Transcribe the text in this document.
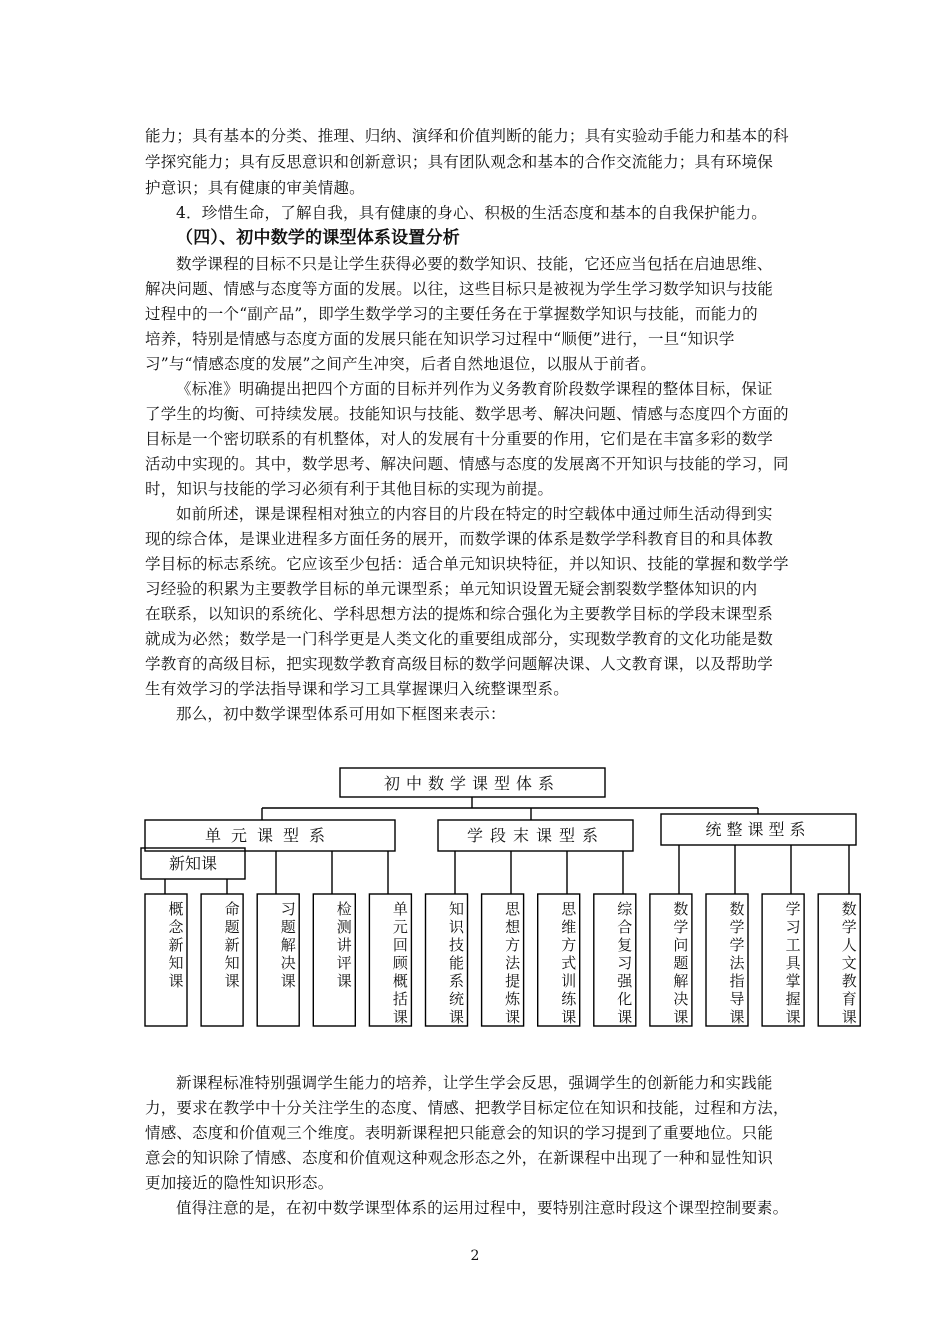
能力；具有基本的分类、推理、归纳、演绎和价值判断的能力；具有实验动手能力和基本的科
学探究能力；具有反思意识和创新意识；具有团队观念和基本的合作交流能力；具有环境保
护意识；具有健康的审美情趣。
4．珍惜生命，了解自我，具有健康的身心、积极的生活态度和基本的自我保护能力。
（四）、初中数学的课型体系设置分析
数学课程的目标不只是让学生获得必要的数学知识、技能，它还应当包括在启迪思维、
解决问题、情感与态度等方面的发展。以往，这些目标只是被视为学生学习数学知识与技能
过程中的一个“副产品”，即学生数学学习的主要任务在于掌握数学知识与技能，而能力的
培养，特别是情感与态度方面的发展只能在知识学习过程中“顺便”进行，一旦“知识学
习”与“情感态度的发展”之间产生冲突，后者自然地退位，以服从于前者。
《标准》明确提出把四个方面的目标并列作为义务教育阶段数学课程的整体目标，保证
了学生的均衡、可持续发展。技能知识与技能、数学思考、解决问题、情感与态度四个方面的
目标是一个密切联系的有机整体，对人的发展有十分重要的作用，它们是在丰富多彩的数学
活动中实现的。其中，数学思考、解决问题、情感与态度的发展离不开知识与技能的学习，同
时，知识与技能的学习必须有利于其他目标的实现为前提。
如前所述，课是课程相对独立的内容目的片段在特定的时空载体中通过师生活动得到实
现的综合体，是课业进程多方面任务的展开，而数学课的体系是数学学科教育目的和具体教
学目标的标志系统。它应该至少包括：适合单元知识块特征，并以知识、技能的掌握和数学学
习经验的积累为主要教学目标的单元课型系；单元知识设置无疑会割裂数学整体知识的内
在联系，以知识的系统化、学科思想方法的提炼和综合强化为主要教学目标的学段末课型系
就成为必然；数学是一门科学更是人类文化的重要组成部分，实现数学教育的文化功能是数
学教育的高级目标，把实现数学教育高级目标的数学问题解决课、人文教育课，以及帮助学
生有效学习的学法指导课和学习工具掌握课归入统整课型系。
那么，初中数学课型体系可用如下框图来表示：
概念新知课
命题新知课
习题解决课
检测讲评课
单元回顾概括课
知识技能系统课
思想方法提炼课
思维方式训练课
综合复习强化课
数学问题解决课
数学学法指导课
学习工具掌握课
数学人文教育课
初中数学课型体系
单元课型系	学段末课型系	统整课型系
新知课
新课程标准特别强调学生能力的培养，让学生学会反思，强调学生的创新能力和实践能
力，要求在教学中十分关注学生的态度、情感、把教学目标定位在知识和技能，过程和方法，
情感、态度和价值观三个维度。表明新课程把只能意会的知识的学习提到了重要地位。只能
意会的知识除了情感、态度和价值观这种观念形态之外，在新课程中出现了一种和显性知识
更加接近的隐性知识形态。
值得注意的是，在初中数学课型体系的运用过程中，要特别注意时段这个课型控制要素。
2
